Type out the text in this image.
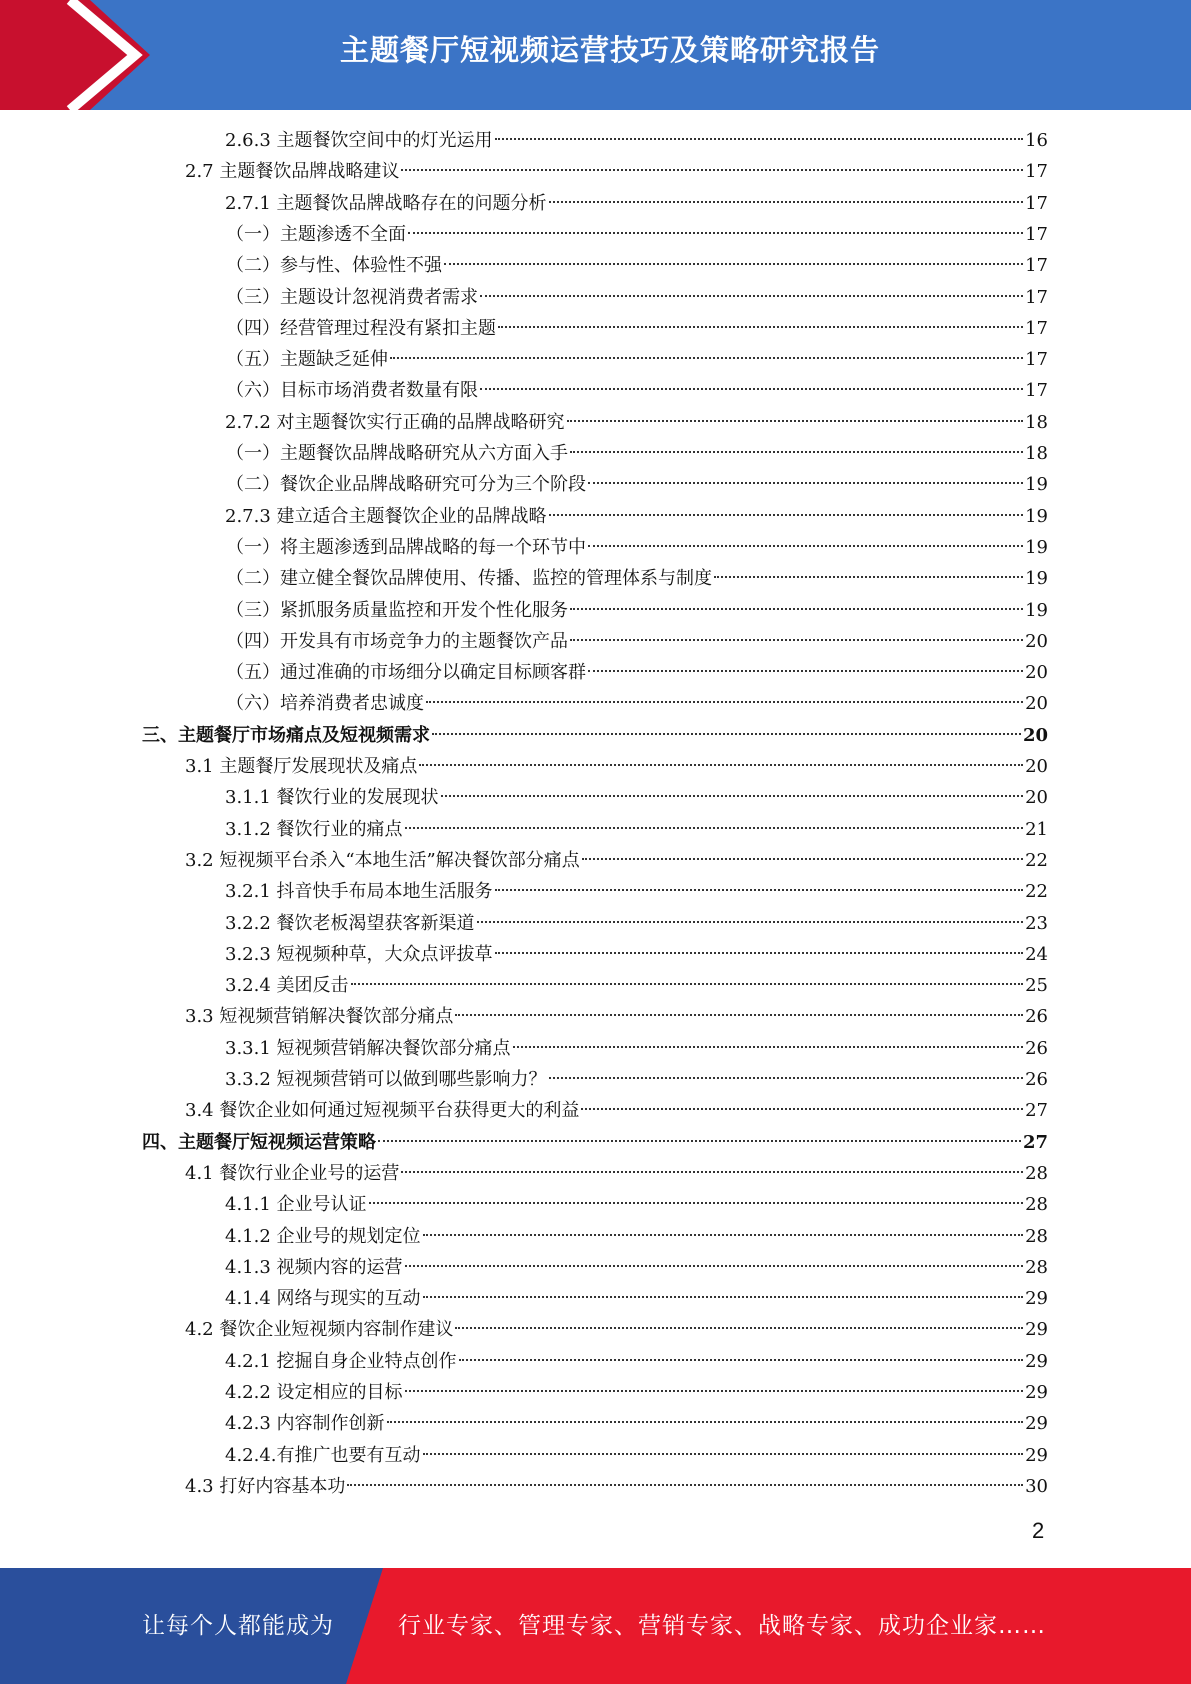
主题餐厅短视频运营技巧及策略研究报告
2.6.3 主题餐饮空间中的灯光运用	16
2.7 主题餐饮品牌战略建议	17
2.7.1 主题餐饮品牌战略存在的问题分析	17
（一）主题渗透不全面	17
（二）参与性、体验性不强	17
（三）主题设计忽视消费者需求	17
（四）经营管理过程没有紧扣主题	17
（五）主题缺乏延伸	17
（六）目标市场消费者数量有限	17
2.7.2 对主题餐饮实行正确的品牌战略研究	18
（一）主题餐饮品牌战略研究从六方面入手	18
（二）餐饮企业品牌战略研究可分为三个阶段	19
2.7.3 建立适合主题餐饮企业的品牌战略	19
（一）将主题渗透到品牌战略的每一个环节中	19
（二）建立健全餐饮品牌使用、传播、监控的管理体系与制度	19
（三）紧抓服务质量监控和开发个性化服务	19
（四）开发具有市场竞争力的主题餐饮产品	20
（五）通过准确的市场细分以确定目标顾客群	20
（六）培养消费者忠诚度	20
三、主题餐厅市场痛点及短视频需求	20
3.1 主题餐厅发展现状及痛点	20
3.1.1 餐饮行业的发展现状	20
3.1.2 餐饮行业的痛点	21
3.2 短视频平台杀入“本地生活”解决餐饮部分痛点	22
3.2.1 抖音快手布局本地生活服务	22
3.2.2 餐饮老板渴望获客新渠道	23
3.2.3 短视频种草，大众点评拔草	24
3.2.4 美团反击	25
3.3 短视频营销解决餐饮部分痛点	26
3.3.1 短视频营销解决餐饮部分痛点	26
3.3.2 短视频营销可以做到哪些影响力？	26
3.4 餐饮企业如何通过短视频平台获得更大的利益	27
四、主题餐厅短视频运营策略	27
4.1 餐饮行业企业号的运营	28
4.1.1 企业号认证	28
4.1.2 企业号的规划定位	28
4.1.3 视频内容的运营	28
4.1.4 网络与现实的互动	29
4.2 餐饮企业短视频内容制作建议	29
4.2.1 挖掘自身企业特点创作	29
4.2.2 设定相应的目标	29
4.2.3 内容制作创新	29
4.2.4.有推广也要有互动	29
4.3 打好内容基本功	30
2
让每个人都能成为	行业专家、管理专家、营销专家、战略专家、成功企业家……
